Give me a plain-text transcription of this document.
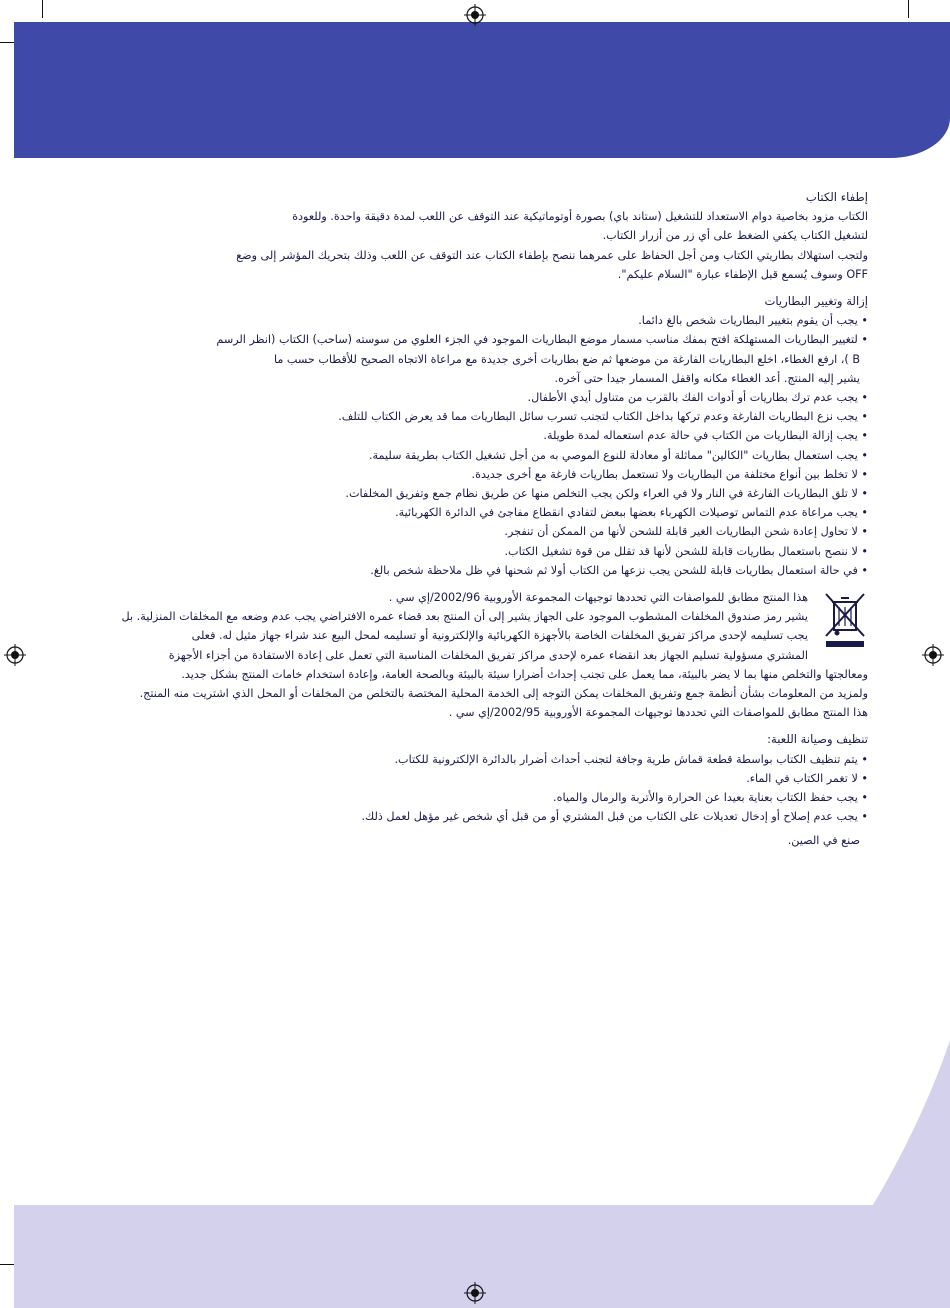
إطفاء الكتاب

الكتاب مزود بخاصية دوام الاستعداد للتشغيل (ستاند باي) بصورة أوتوماتيكية عند التوقف عن اللعب لمدة دقيقة واحدة. وللعودة
لتشغيل الكتاب يكفي الضغط على أي زر من أزرار الكتاب.
ولتجب استهلاك بطاريتي الكتاب ومن أجل الحفاظ على عمرهما ننصح بإطفاء الكتاب عند التوقف عن اللعب وذلك بتحريك المؤشر إلى وضع
OFF وسوف يُسمع قبل الإطفاء عبارة "السلام عليكم".

إزالة وتغيير البطاريات

• يجب أن يقوم بتغيير البطاريات شخص بالغ دائما.
• لتغيير البطاريات المستهلكة افتح بمفك مناسب مسمار موضع البطاريات الموجود في الجزء العلوي من سوسته (ساحب) الكتاب (انظر الرسم
B )، ارفع الغطاء، اخلع البطاريات الفارغة من موضعها ثم ضع بطاريات أخرى جديدة مع مراعاة الاتجاه الصحيح للأقطاب حسب ما
يشير إليه المنتج. أعد الغطاء مكانه واقفل المسمار جيدا حتى آخره.
• يجب عدم ترك بطاريات أو أدوات الفك بالقرب من متناول أيدي الأطفال.
• يجب نزع البطاريات الفارغة وعدم تركها بداخل الكتاب لتجنب تسرب سائل البطاريات مما قد يعرض الكتاب للتلف.
• يجب إزالة البطاريات من الكتاب في حالة عدم استعماله لمدة طويلة.
• يجب استعمال بطاريات "الكالين" مماثلة أو معادلة للنوع الموصي به من أجل تشغيل الكتاب بطريقة سليمة.
• لا تخلط بين أنواع مختلفة من البطاريات ولا تستعمل بطاريات فارغة مع أخرى جديدة.
• لا تلق البطاريات الفارغة في النار ولا في العراء ولكن يجب التخلص منها عن طريق نظام جمع وتفريق المخلفات.
• يجب مراعاة عدم التماس توصيلات الكهرباء بعضها ببعض لتفادي انقطاع مفاجئ في الدائرة الكهربائية.
• لا تحاول إعادة شحن البطاريات الغير قابلة للشحن لأنها من الممكن أن تنفجر.
• لا ننصح باستعمال بطاريات قابلة للشحن لأنها قد تقلل من قوة تشغيل الكتاب.
• في حالة استعمال بطاريات قابلة للشحن يجب نزعها من الكتاب أولا ثم شحنها في ظل ملاحظة شخص بالغ.
هذا المنتج مطابق للمواصفات التي تحددها توجيهات المجموعة الأوروبية 2002/96/إي سي .
يشير رمز صندوق المخلفات المشطوب الموجود على الجهاز يشير إلى أن المنتج بعد قضاء عمره الافتراضي يجب عدم وضعه مع المخلفات المنزلية. بل
يجب تسليمه لإحدى مراكز تفريق المخلفات الخاصة بالأجهزة الكهربائية والإلكترونية أو تسليمه لمحل البيع عند شراء جهاز مثيل له. فعلى
المشتري مسؤولية تسليم الجهاز بعد انقضاء عمره لإحدى مراكز تفريق المخلفات المناسبة التي تعمل على إعادة الاستفادة من أجزاء الأجهزة
ومعالجتها والتخلص منها بما لا يضر بالبيئة، مما يعمل على تجنب إحداث أضرارا سيئة بالبيئة وبالصحة العامة، وإعادة استخدام خامات المنتج بشكل جديد.
ولمزيد من المعلومات بشأن أنظمة جمع وتفريق المخلفات يمكن التوجه إلى الخدمة المحلية المختصة بالتخلص من المخلفات أو المحل الذي اشتريت منه المنتج.
هذا المنتج مطابق للمواصفات التي تحددها توجيهات المجموعة الأوروبية 2002/95/إي سي .

تنظيف وصيانة اللعبة:

• يتم تنظيف الكتاب بواسطة قطعة قماش طرية وجافة لتجنب أحداث أضرار بالدائرة الإلكترونية للكتاب.
• لا تغمر الكتاب في الماء.
• يجب حفظ الكتاب بعناية بعيدا عن الحرارة والأتربة والرمال والمياه.
• يجب عدم إصلاح أو إدخال تعديلات على الكتاب من قبل المشتري أو من قبل أي شخص غير مؤهل لعمل ذلك.

صنع في الصين.
